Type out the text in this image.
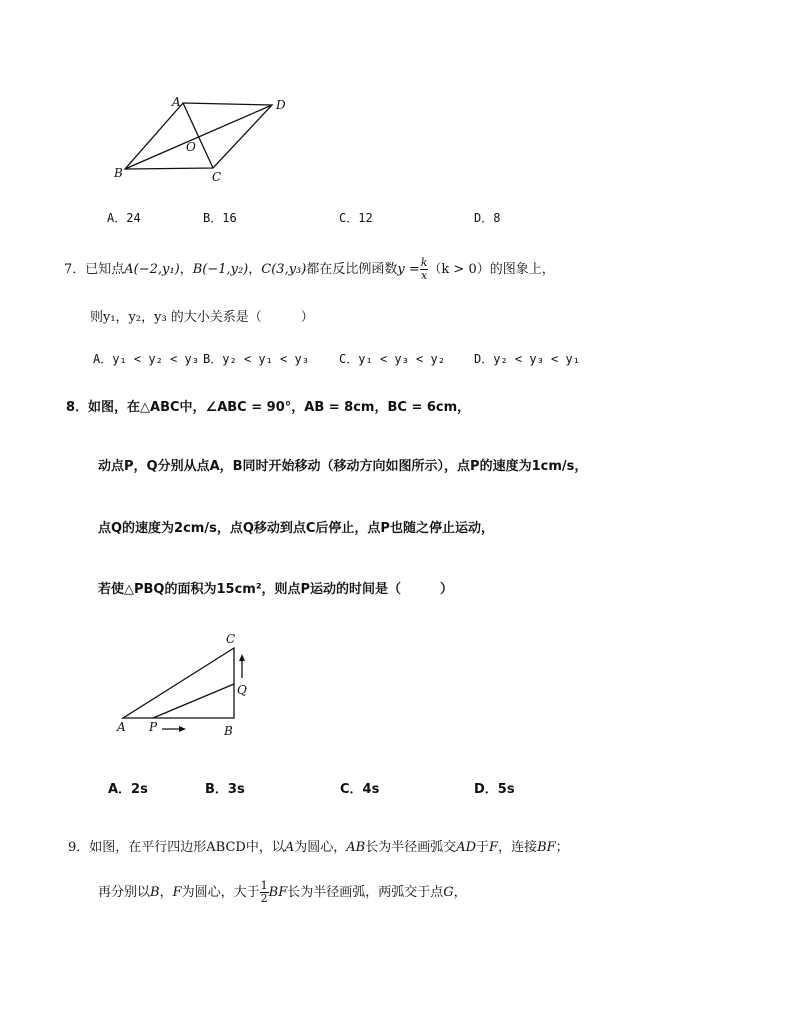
A	D
O
B	C
A．24	B．16	C．12	D．8
7．已知点A(−2,y₁)，B(−1,y₂)，C(3,y₃)都在反比例函数$y = \frac{k}{x} (k > 0)$的图象上，
则y₁，y₂，y₃ 的大小关系是（　　　）
A．y₁ < y₂ < y₃ B．y₂ < y₁ < y₃	C．y₁ < y₃ < y₂ D．y₂ < y₃ < y₁
8．如图，在△ABC中，∠ABC = 90°，AB = 8cm，BC = 6cm，
动点P，Q分别从点A，B同时开始移动（移动方向如图所示），点P的速度为1cm/s，
点Q的速度为2cm/s，点Q移动到点C后停止，点P也随之停止运动，
若使△PBQ的面积为15cm²，则点P运动的时间是（　　　）
C
Q
A P	B
A．2s	B．3s	C．4s	D．5s
9．如图，在平行四边形ABCD中，以A为圆心，AB长为半径画弧交AD于F，连接BF；
再分别以B，F为圆心，大于 $\frac{1}{2}$ BF长为半径画弧，两弧交于点G，
